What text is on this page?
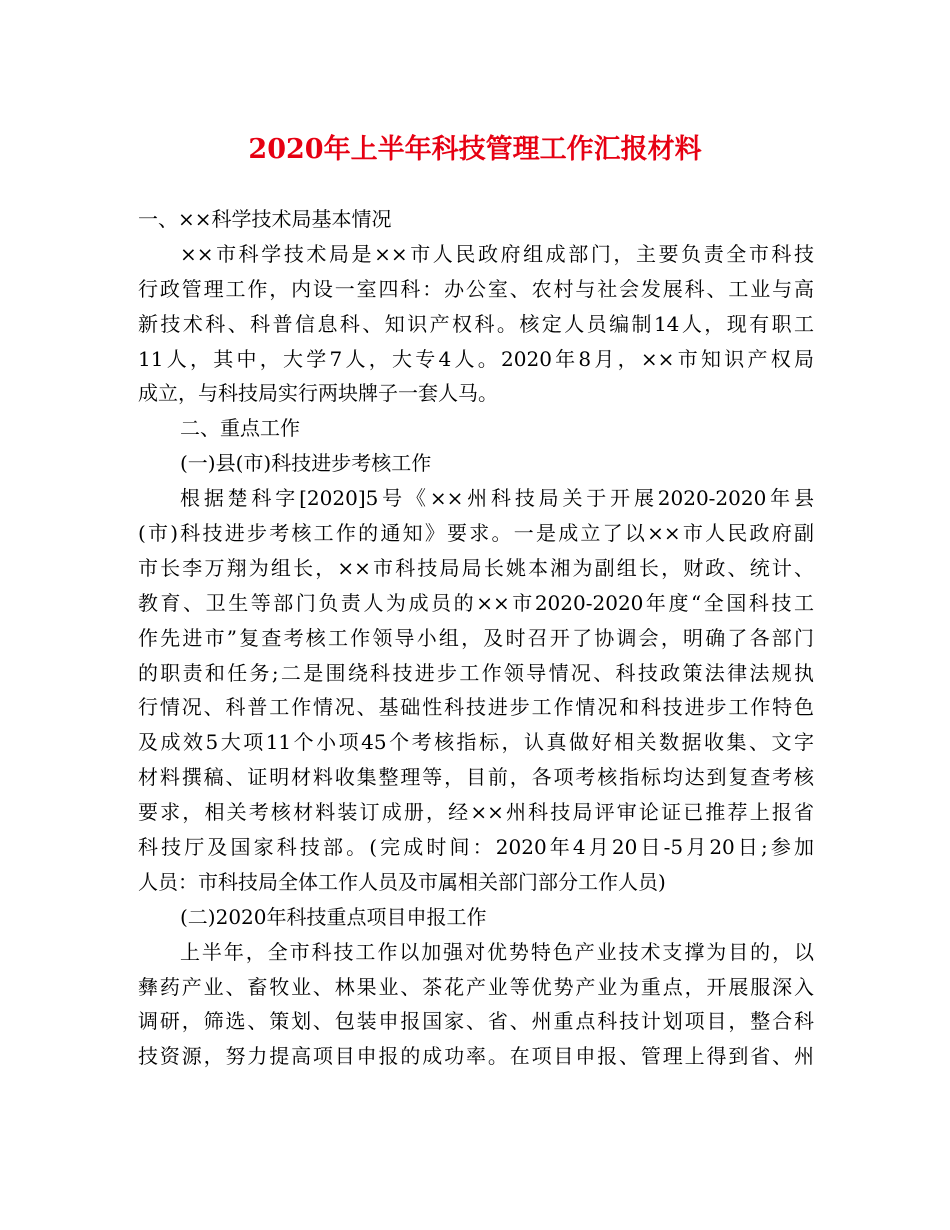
2020年上半年科技管理工作汇报材料
一、××科学技术局基本情况
××市科学技术局是××市人民政府组成部门，主要负责全市科技
行政管理工作，内设一室四科：办公室、农村与社会发展科、工业与高
新技术科、科普信息科、知识产权科。核定人员编制14人，现有职工
11人，其中，大学7人，大专4人。2020年8月，××市知识产权局
成立，与科技局实行两块牌子一套人马。
二、重点工作
(一)县(市)科技进步考核工作
根据楚科字[2020]5号《××州科技局关于开展2020-2020年县
(市)科技进步考核工作的通知》要求。一是成立了以××市人民政府副
市长李万翔为组长，××市科技局局长姚本湘为副组长，财政、统计、
教育、卫生等部门负责人为成员的××市2020-2020年度“全国科技工
作先进市”复查考核工作领导小组，及时召开了协调会，明确了各部门
的职责和任务;二是围绕科技进步工作领导情况、科技政策法律法规执
行情况、科普工作情况、基础性科技进步工作情况和科技进步工作特色
及成效5大项11个小项45个考核指标，认真做好相关数据收集、文字
材料撰稿、证明材料收集整理等，目前，各项考核指标均达到复查考核
要求，相关考核材料装订成册，经××州科技局评审论证已推荐上报省
科技厅及国家科技部。(完成时间：2020年4月20日-5月20日;参加
人员：市科技局全体工作人员及市属相关部门部分工作人员)
(二)2020年科技重点项目申报工作
上半年，全市科技工作以加强对优势特色产业技术支撑为目的，以
彝药产业、畜牧业、林果业、茶花产业等优势产业为重点，开展服深入
调研，筛选、策划、包装申报国家、省、州重点科技计划项目，整合科
技资源，努力提高项目申报的成功率。在项目申报、管理上得到省、州
